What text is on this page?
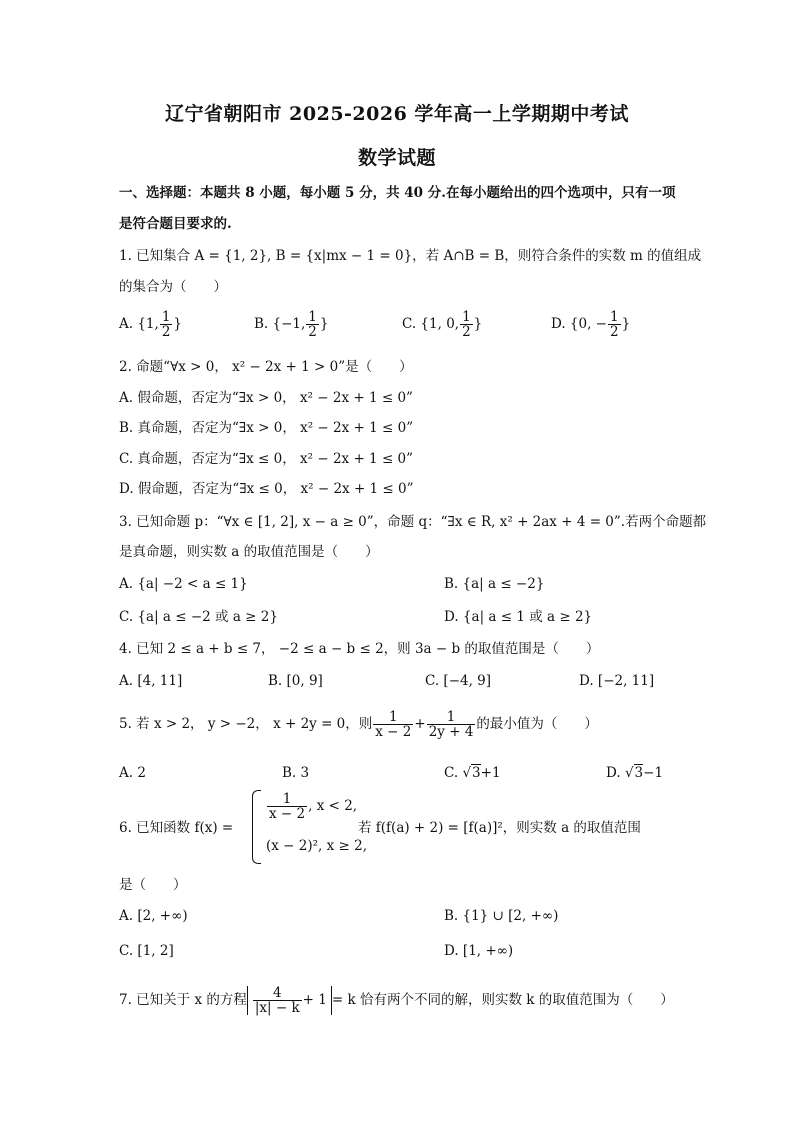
辽宁省朝阳市 2025-2026 学年高一上学期期中考试
数学试题
一、选择题：本题共 8 小题，每小题 5 分，共 40 分.在每小题给出的四个选项中，只有一项
是符合题目要求的.
1. 已知集合 A = {1, 2}, B = {x|mx − 1 = 0}，若 A∩B = B，则符合条件的实数 m 的值组成
的集合为（　　）
A. {1, $\frac{1}{2}$ }	B. {−1, $\frac{1}{2}$ }	C. {1, 0, $\frac{1}{2}$ }	D. {0, − $\frac{1}{2}$ }
2. 命题“∀x > 0， x² − 2x + 1 > 0”是（　　）
A. 假命题，否定为“∃x > 0， x² − 2x + 1 ≤ 0”
B. 真命题，否定为“∃x > 0， x² − 2x + 1 ≤ 0”
C. 真命题，否定为“∃x ≤ 0， x² − 2x + 1 ≤ 0”
D. 假命题，否定为“∃x ≤ 0， x² − 2x + 1 ≤ 0”
3. 已知命题 p：“∀x ∈ [1, 2], x − a ≥ 0”，命题 q：“∃x ∈ R, x² + 2ax + 4 = 0”.若两个命题都
是真命题，则实数 a 的取值范围是（　　）
A. {a| −2 < a ≤ 1}	B. {a| a ≤ −2}
C. {a| a ≤ −2 或 a ≥ 2}	D. {a| a ≤ 1 或 a ≥ 2}
4. 已知 2 ≤ a + b ≤ 7， −2 ≤ a − b ≤ 2，则 3a − b 的取值范围是（　　）
A. [4, 11]	B. [0, 9]	C. [−4, 9]	D. [−2, 11]
5. 若 x > 2， y > −2， x + 2y = 0，则 $\frac{1}{x - 2} + \frac{1}{2y + 4}$ 的最小值为（　　）
A. 2	B. 3	C. √3+1	D. √3−1
6. 已知函数 f(x) =
$\frac{1}{x - 2}$ , x < 2,
(x − 2)², x ≥ 2,
若 f(f(a) + 2) = [f(a)]²，则实数 a 的取值范围
是（　　）
A. [2, +∞)	B. {1} ∪ [2, +∞)
C. [1, 2]	D. [1, +∞)
7. 已知关于 x 的方程 $\frac{4}{|x| - k} + 1 = k$ 恰有两个不同的解，则实数 k 的取值范围为（　　）
